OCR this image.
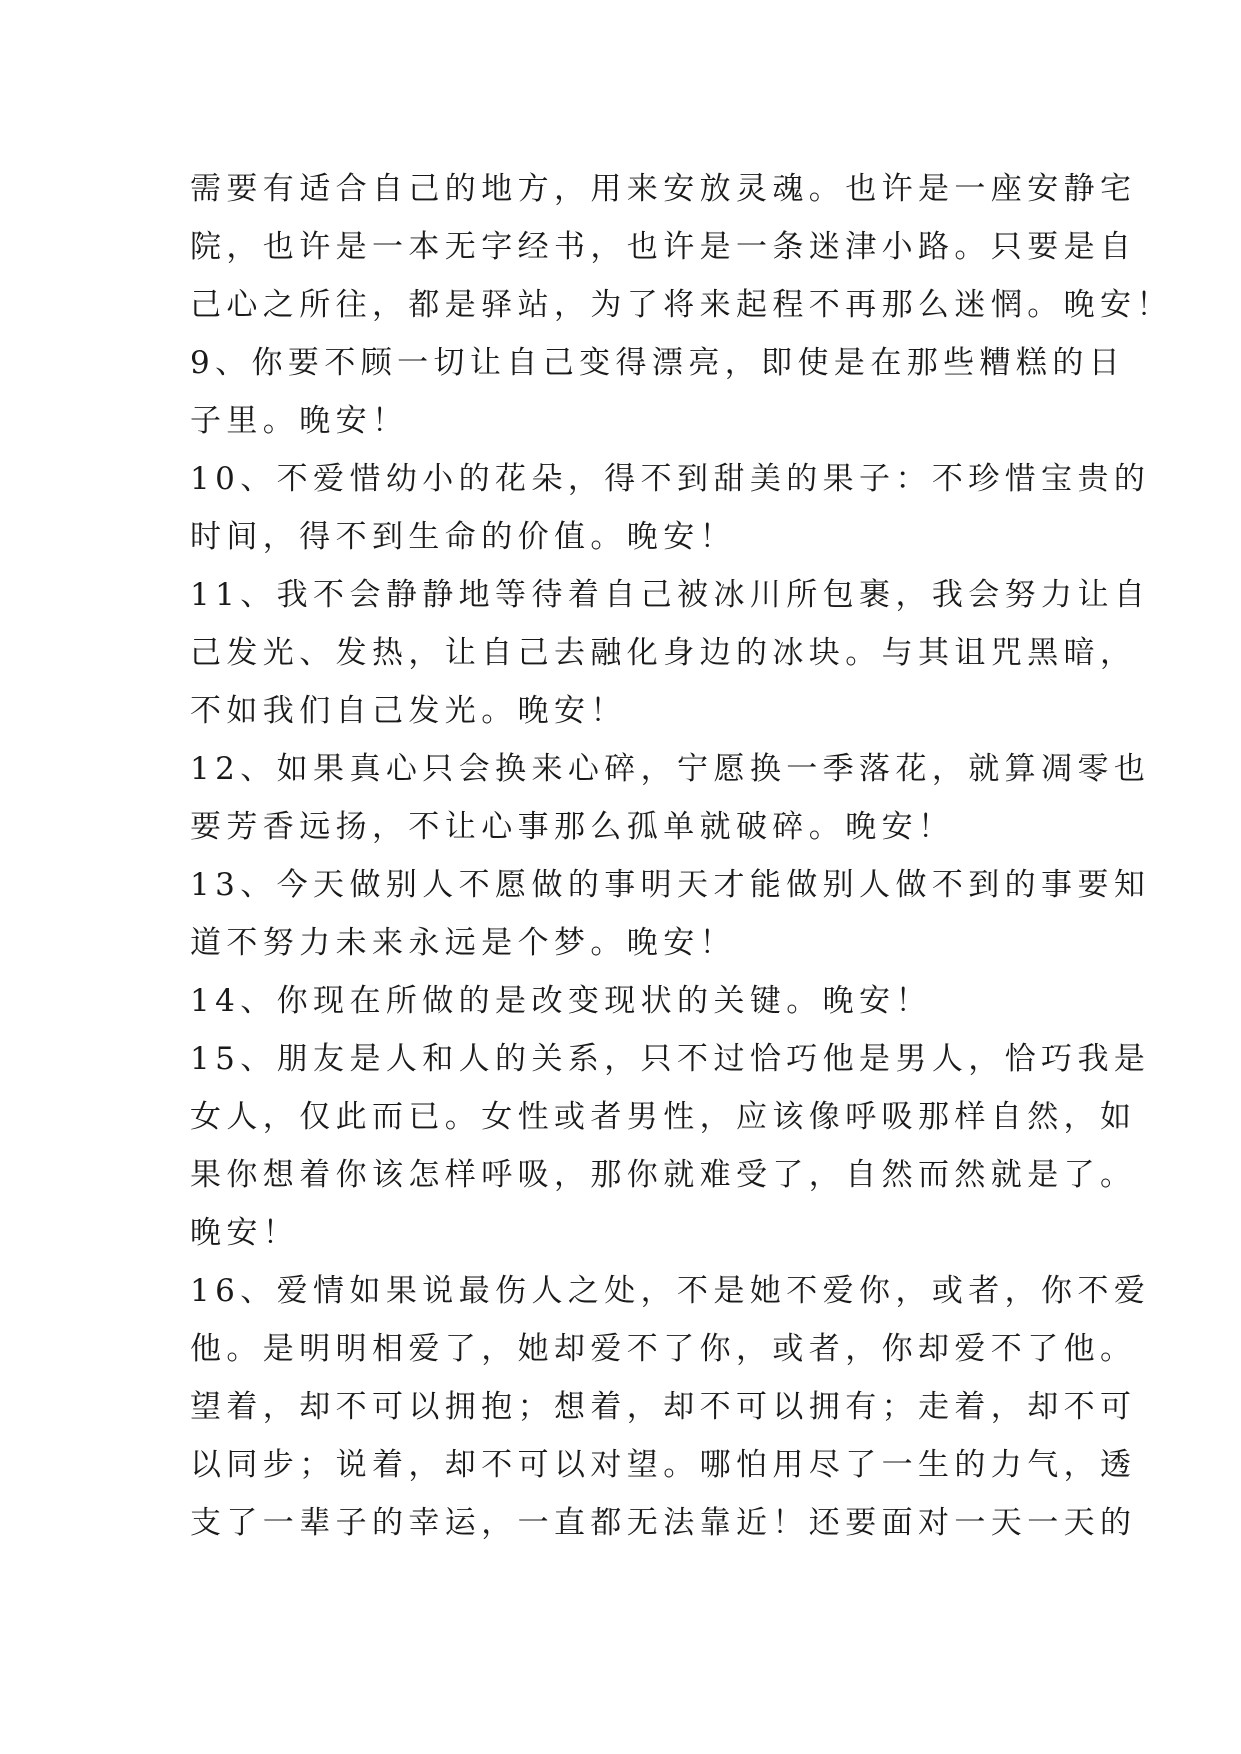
需要有适合自己的地方，用来安放灵魂。也许是一座安静宅
院，也许是一本无字经书，也许是一条迷津小路。只要是自
己心之所往，都是驿站，为了将来起程不再那么迷惘。晚安！
9、你要不顾一切让自己变得漂亮，即使是在那些糟糕的日
子里。晚安！
10、不爱惜幼小的花朵，得不到甜美的果子：不珍惜宝贵的
时间，得不到生命的价值。晚安！
11、我不会静静地等待着自己被冰川所包裹，我会努力让自
己发光、发热，让自己去融化身边的冰块。与其诅咒黑暗，
不如我们自己发光。晚安！
12、如果真心只会换来心碎，宁愿换一季落花，就算凋零也
要芳香远扬，不让心事那么孤单就破碎。晚安！
13、今天做别人不愿做的事明天才能做别人做不到的事要知
道不努力未来永远是个梦。晚安！
14、你现在所做的是改变现状的关键。晚安！
15、朋友是人和人的关系，只不过恰巧他是男人，恰巧我是
女人，仅此而已。女性或者男性，应该像呼吸那样自然，如
果你想着你该怎样呼吸，那你就难受了，自然而然就是了。
晚安！
16、爱情如果说最伤人之处，不是她不爱你，或者，你不爱
他。是明明相爱了，她却爱不了你，或者，你却爱不了他。
望着，却不可以拥抱；想着，却不可以拥有；走着，却不可
以同步；说着，却不可以对望。哪怕用尽了一生的力气，透
支了一辈子的幸运，一直都无法靠近！还要面对一天一天的
